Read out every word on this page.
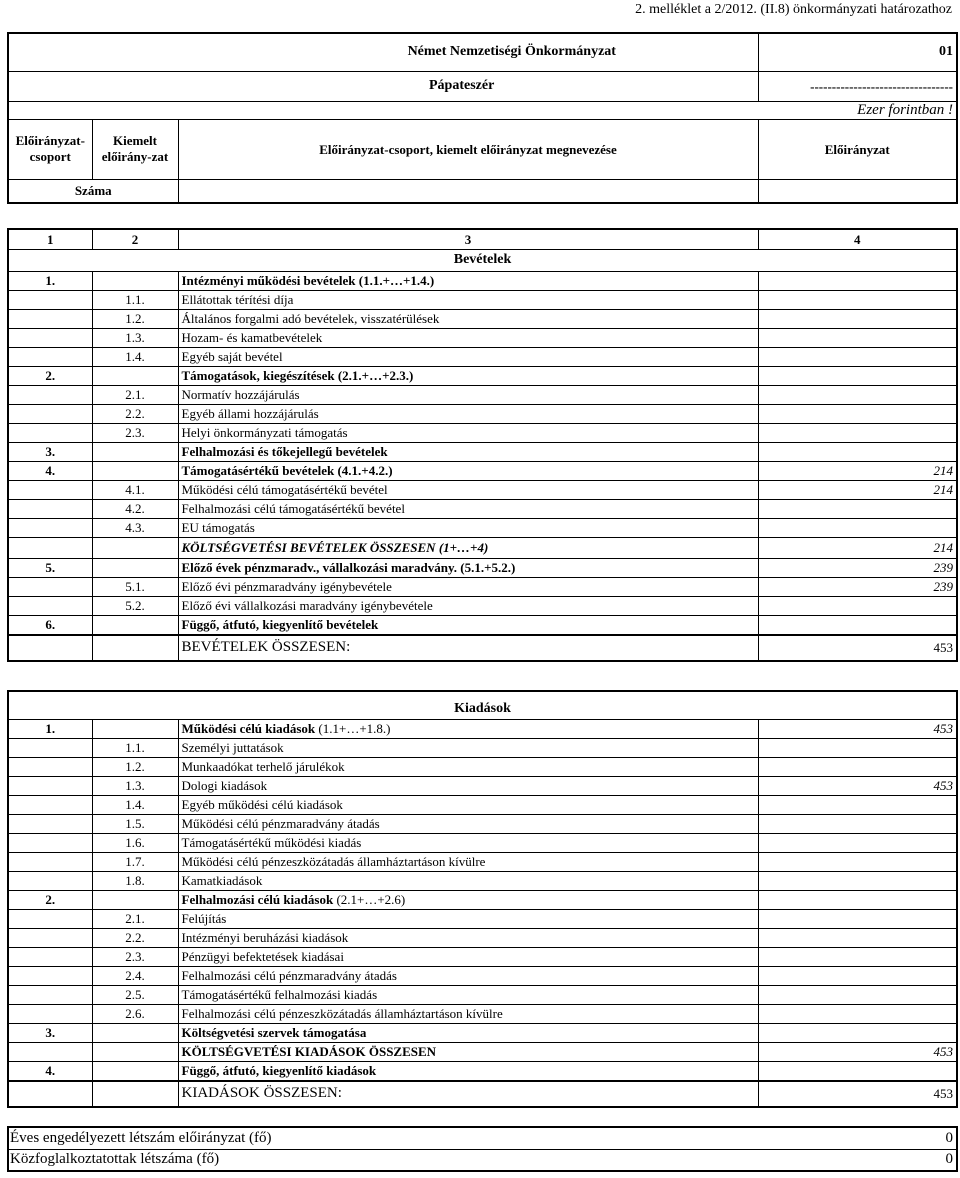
2. melléklet a 2/2012. (II.8) önkormányzati határozathoz
Német Nemzetiségi Önkormányzat			01
Pápateszér			---------------------------------
Ezer forintban !			
Előirányzat-csoport	Kiemelt előirány-zat	Előirányzat-csoport, kiemelt előirányzat megnevezése	Előirányzat
Száma			
1	2	3	4
Bevételek			
1.		Intézményi működési bevételek (1.1.+…+1.4.)	
	1.1.	Ellátottak térítési díja	
	1.2.	Általános forgalmi adó bevételek, visszatérülések	
	1.3.	Hozam- és kamatbevételek	
	1.4.	Egyéb saját bevétel	
2.		Támogatások, kiegészítések (2.1.+…+2.3.)	
	2.1.	Normatív hozzájárulás	
	2.2.	Egyéb állami hozzájárulás	
	2.3.	Helyi önkormányzati támogatás	
3.		Felhalmozási és tőkejellegű bevételek	
4.		Támogatásértékű bevételek (4.1.+4.2.)	214
	4.1.	Működési célú támogatásértékű bevétel	214
	4.2.	Felhalmozási célú támogatásértékű bevétel	
	4.3.	EU támogatás	
		KÖLTSÉGVETÉSI BEVÉTELEK ÖSSZESEN (1+…+4)	214
5.		Előző évek pénzmaradv., vállalkozási maradvány. (5.1.+5.2.)	239
	5.1.	Előző évi pénzmaradvány igénybevétele	239
	5.2.	Előző évi vállalkozási maradvány igénybevétele	
6.		Függő, átfutó, kiegyenlítő bevételek	
		BEVÉTELEK ÖSSZESEN:	453
Kiadások			
1.		Működési célú kiadások (1.1+…+1.8.)	453
	1.1.	Személyi juttatások	
	1.2.	Munkaadókat terhelő járulékok	
	1.3.	Dologi kiadások	453
	1.4.	Egyéb működési célú kiadások	
	1.5.	Működési célú pénzmaradvány átadás	
	1.6.	Támogatásértékű működési kiadás	
	1.7.	Működési célú pénzeszközátadás államháztartáson kívülre	
	1.8.	Kamatkiadások	
2.		Felhalmozási célú kiadások (2.1+…+2.6)	
	2.1.	Felújítás	
	2.2.	Intézményi beruházási kiadások	
	2.3.	Pénzügyi befektetések kiadásai	
	2.4.	Felhalmozási célú pénzmaradvány átadás	
	2.5.	Támogatásértékű felhalmozási kiadás	
	2.6.	Felhalmozási célú pénzeszközátadás államháztartáson kívülre	
3.		Költségvetési szervek támogatása	
		KÖLTSÉGVETÉSI KIADÁSOK ÖSSZESEN	453
4.		Függő, átfutó, kiegyenlítő kiadások	
		KIADÁSOK ÖSSZESEN:	453
Éves engedélyezett létszám előirányzat (fő)	0
Közfoglalkoztatottak létszáma (fő)	0
